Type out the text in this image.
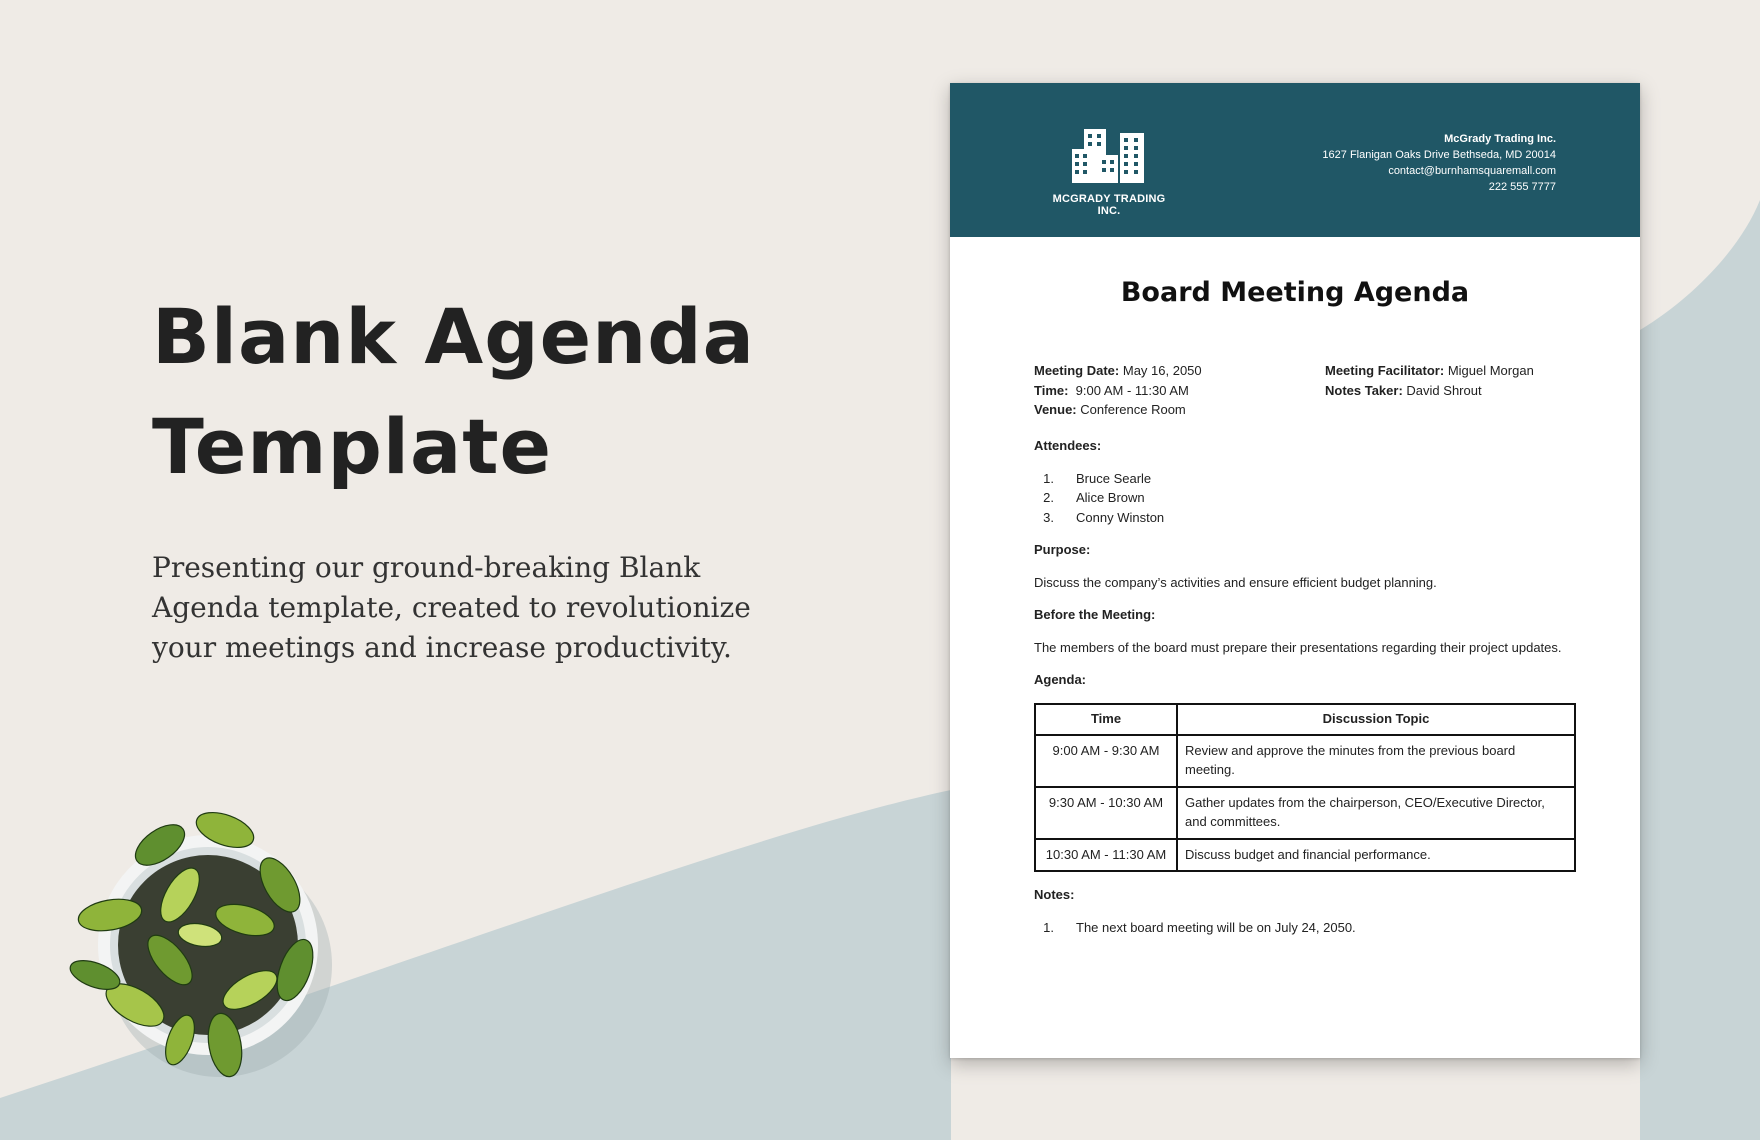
Blank Agenda
Template
Presenting our ground-breaking Blank Agenda template, created to revolutionize your meetings and increase productivity.
MCGRADY TRADING INC.
McGrady Trading Inc.
1627 Flanigan Oaks Drive Bethseda, MD 20014
contact@burnhamsquaremall.com
222 555 7777
Board Meeting Agenda
Meeting Date: May 16, 2050
Time: 9:00 AM - 11:30 AM
Venue: Conference Room
Meeting Facilitator: Miguel Morgan
Notes Taker: David Shrout
Attendees:
1.	Bruce Searle
2.	Alice Brown
3.	Conny Winston
Purpose:
Discuss the company’s activities and ensure efficient budget planning.
Before the Meeting:
The members of the board must prepare their presentations regarding their project updates.
Agenda:
Time	Discussion Topic
9:00 AM - 9:30 AM	Review and approve the minutes from the previous board meeting.
9:30 AM - 10:30 AM	Gather updates from the chairperson, CEO/Executive Director, and committees.
10:30 AM - 11:30 AM	Discuss budget and financial performance.
Notes:
1.	The next board meeting will be on July 24, 2050.
